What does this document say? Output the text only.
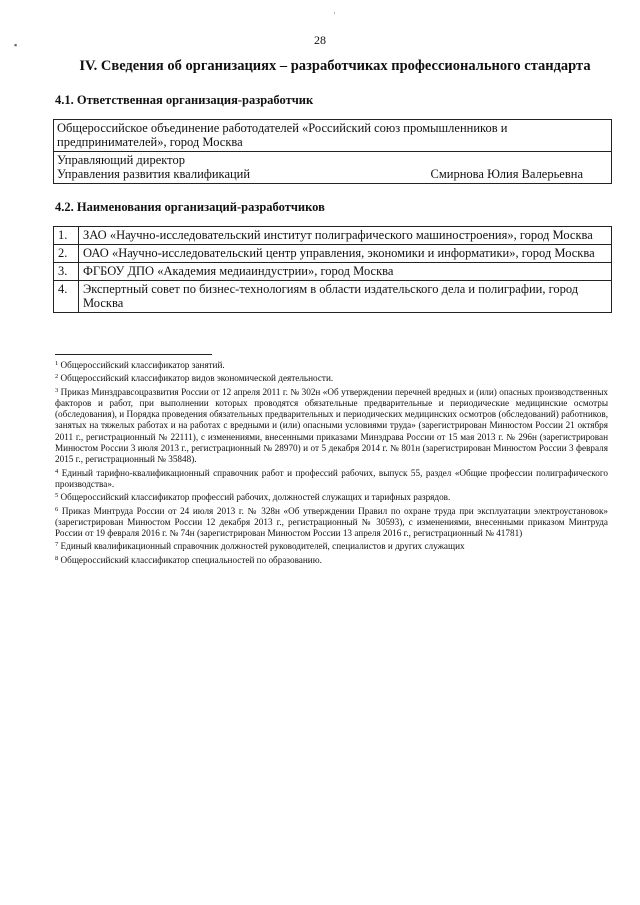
·
▪	28
IV. Сведения об организациях – разработчиках профессионального стандарта
4.1. Ответственная организация-разработчик
Общероссийское объединение работодателей «Российский союз промышленников и предпринимателей», город Москва

Управляющий директор
Управления развития квалификаций	Смирнова Юлия Валерьевна
4.2. Наименования организаций-разработчиков
1.	ЗАО «Научно-исследовательский институт полиграфического машиностроения», город Москва
2.	ОАО «Научно-исследовательский центр управления, экономики и информатики», город Москва
3.	ФГБОУ ДПО «Академия медиаиндустрии», город Москва
4.	Экспертный совет по бизнес-технологиям в области издательского дела и полиграфии, город Москва

$^1$ Общероссийский классификатор занятий.

$^2$ Общероссийский классификатор видов экономической деятельности.

$^3$ Приказ Минздравсоцразвития России от 12 апреля 2011 г. № 302н «Об утверждении перечней вредных и (или) опасных производственных факторов и работ, при выполнении которых проводятся обязательные предварительные и периодические медицинские осмотры (обследования), и Порядка проведения обязательных предварительных и периодических медицинских осмотров (обследований) работников, занятых на тяжелых работах и на работах с вредными и (или) опасными условиями труда» (зарегистрирован Минюстом России 21 октября 2011 г., регистрационный № 22111), с изменениями, внесенными приказами Минздрава России от 15 мая 2013 г. № 296н (зарегистрирован Минюстом России 3 июля 2013 г., регистрационный № 28970) и от 5 декабря 2014 г. № 801н (зарегистрирован Минюстом России 3 февраля 2015 г., регистрационный № 35848).

$^4$ Единый тарифно-квалификационный справочник работ и профессий рабочих, выпуск 55, раздел «Общие профессии полиграфического производства».

$^5$ Общероссийский классификатор профессий рабочих, должностей служащих и тарифных разрядов.

$^6$ Приказ Минтруда России от 24 июля 2013 г. № 328н «Об утверждении Правил по охране труда при эксплуатации электроустановок» (зарегистрирован Минюстом России 12 декабря 2013 г., регистрационный № 30593), с изменениями, внесенными приказом Минтруда России от 19 февраля 2016 г. № 74н (зарегистрирован Минюстом России 13 апреля 2016 г., регистрационный № 41781)

$^7$ Единый квалификационный справочник должностей руководителей, специалистов и других служащих

$^8$ Общероссийский классификатор специальностей по образованию.
